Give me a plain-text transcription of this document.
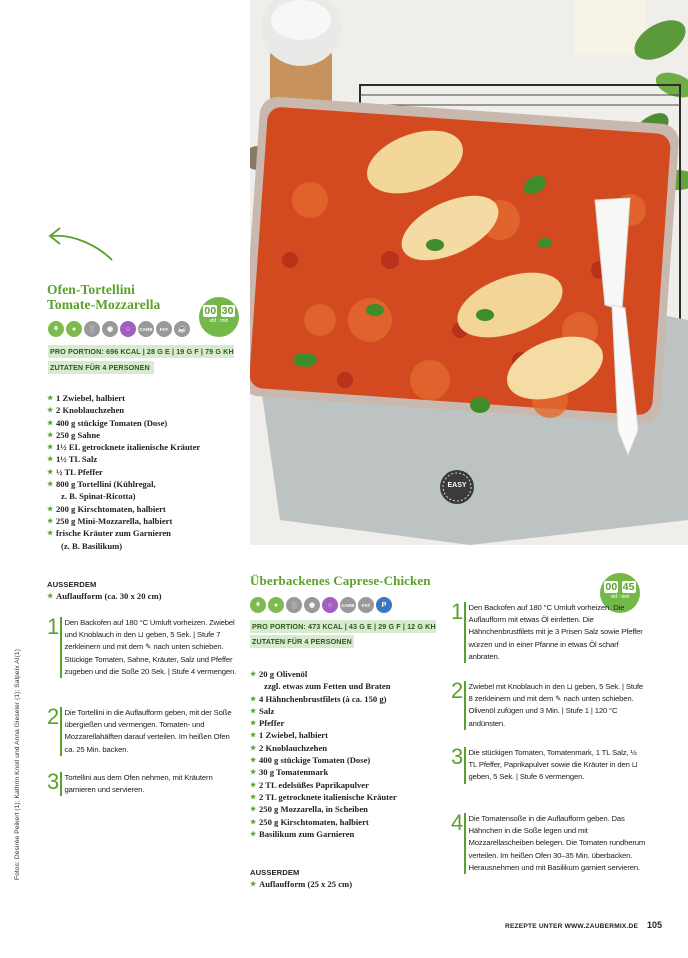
EASY
Fotos: Désirée Peikert (1); Kathrin Knoll und Anna Gieseler (1); Salpeix AI(1)
Ofen-Tortellini
Tomate-Mozzarella	00 30
std : min
⚘	●	░	◉	○	CARB	FAT	☕
PRO PORTION: 696 KCAL | 28 G E | 19 G F | 79 G KH
ZUTATEN FÜR 4 PERSONEN
★ 1 Zwiebel, halbiert
★ 2 Knoblauchzehen
★ 400 g stückige Tomaten (Dose)
★ 250 g Sahne
★ 1½ EL getrocknete italienische Kräuter
★ 1½ TL Salz
★ ½ TL Pfeffer
★ 800 g Tortellini (Kühlregal,
z. B. Spinat-Ricotta)
★ 200 g Kirschtomaten, halbiert
★ 250 g Mini-Mozzarella, halbiert
★ frische Kräuter zum Garnieren
(z. B. Basilikum)
AUSSERDEM
★ Auflaufform (ca. 30 x 20 cm)
1 Den Backofen auf 180 °C Umluft vorheizen. Zwiebel und Knoblauch in den ⊔ geben, 5 Sek. | Stufe 7 zerkleinern und mit dem ✎ nach unten schieben. Stückige Tomaten, Sahne, Kräuter, Salz und Pfeffer zugeben und die Soße 20 Sek. | Stufe 4 vermengen.
2 Die Tortellini in die Auflaufform geben, mit der Soße übergießen und vermengen. Tomaten- und Mozzarellahälften darauf verteilen. Im heißen Ofen ca. 25 Min. backen.
3 Tortellini aus dem Ofen nehmen, mit Kräutern garnieren und servieren.
Überbackenes Caprese-Chicken	00 45
std : min
⚘	●	░	◉	○	CARB	FAT	P
PRO PORTION: 473 KCAL | 43 G E | 29 G F | 12 G KH
ZUTATEN FÜR 4 PERSONEN
★ 20 g Olivenöl
zzgl. etwas zum Fetten und Braten
★ 4 Hähnchenbrustfilets (à ca. 150 g)
★ Salz
★ Pfeffer
★ 1 Zwiebel, halbiert
★ 2 Knoblauchzehen
★ 400 g stückige Tomaten (Dose)
★ 30 g Tomatenmark
★ 2 TL edelsüßes Paprikapulver
★ 2 TL getrocknete italienische Kräuter
★ 250 g Mozzarella, in Scheiben
★ 250 g Kirschtomaten, halbiert
★ Basilikum zum Garnieren
AUSSERDEM
★ Auflaufform (25 x 25 cm)
1 Den Backofen auf 180 °C Umluft vorheizen. Die Auflaufform mit etwas Öl einfetten. Die Hähnchenbrustfilets mit je 3 Prisen Salz sowie Pfeffer würzen und in einer Pfanne in etwas Öl scharf anbraten.
2 Zwiebel mit Knoblauch in den ⊔ geben, 5 Sek. | Stufe 8 zerkleinern und mit dem ✎ nach unten schieben. Olivenöl zufügen und 3 Min. | Stufe 1 | 120 °C andünsten.
3 Die stückigen Tomaten, Tomatenmark, 1 TL Salz, ½ TL Pfeffer, Paprikapulver sowie die Kräuter in den ⊔ geben, 5 Sek. | Stufe 6 vermengen.
4 Die Tomatensoße in die Auflaufform geben. Das Hähnchen in die Soße legen und mit Mozzarellascheiben belegen. Die Tomaten rundherum verteilen. Im heißen Ofen 30–35 Min. überbacken. Herausnehmen und mit Basilikum garniert servieren.
REZEPTE UNTER WWW.ZAUBERMIX.DE 105
